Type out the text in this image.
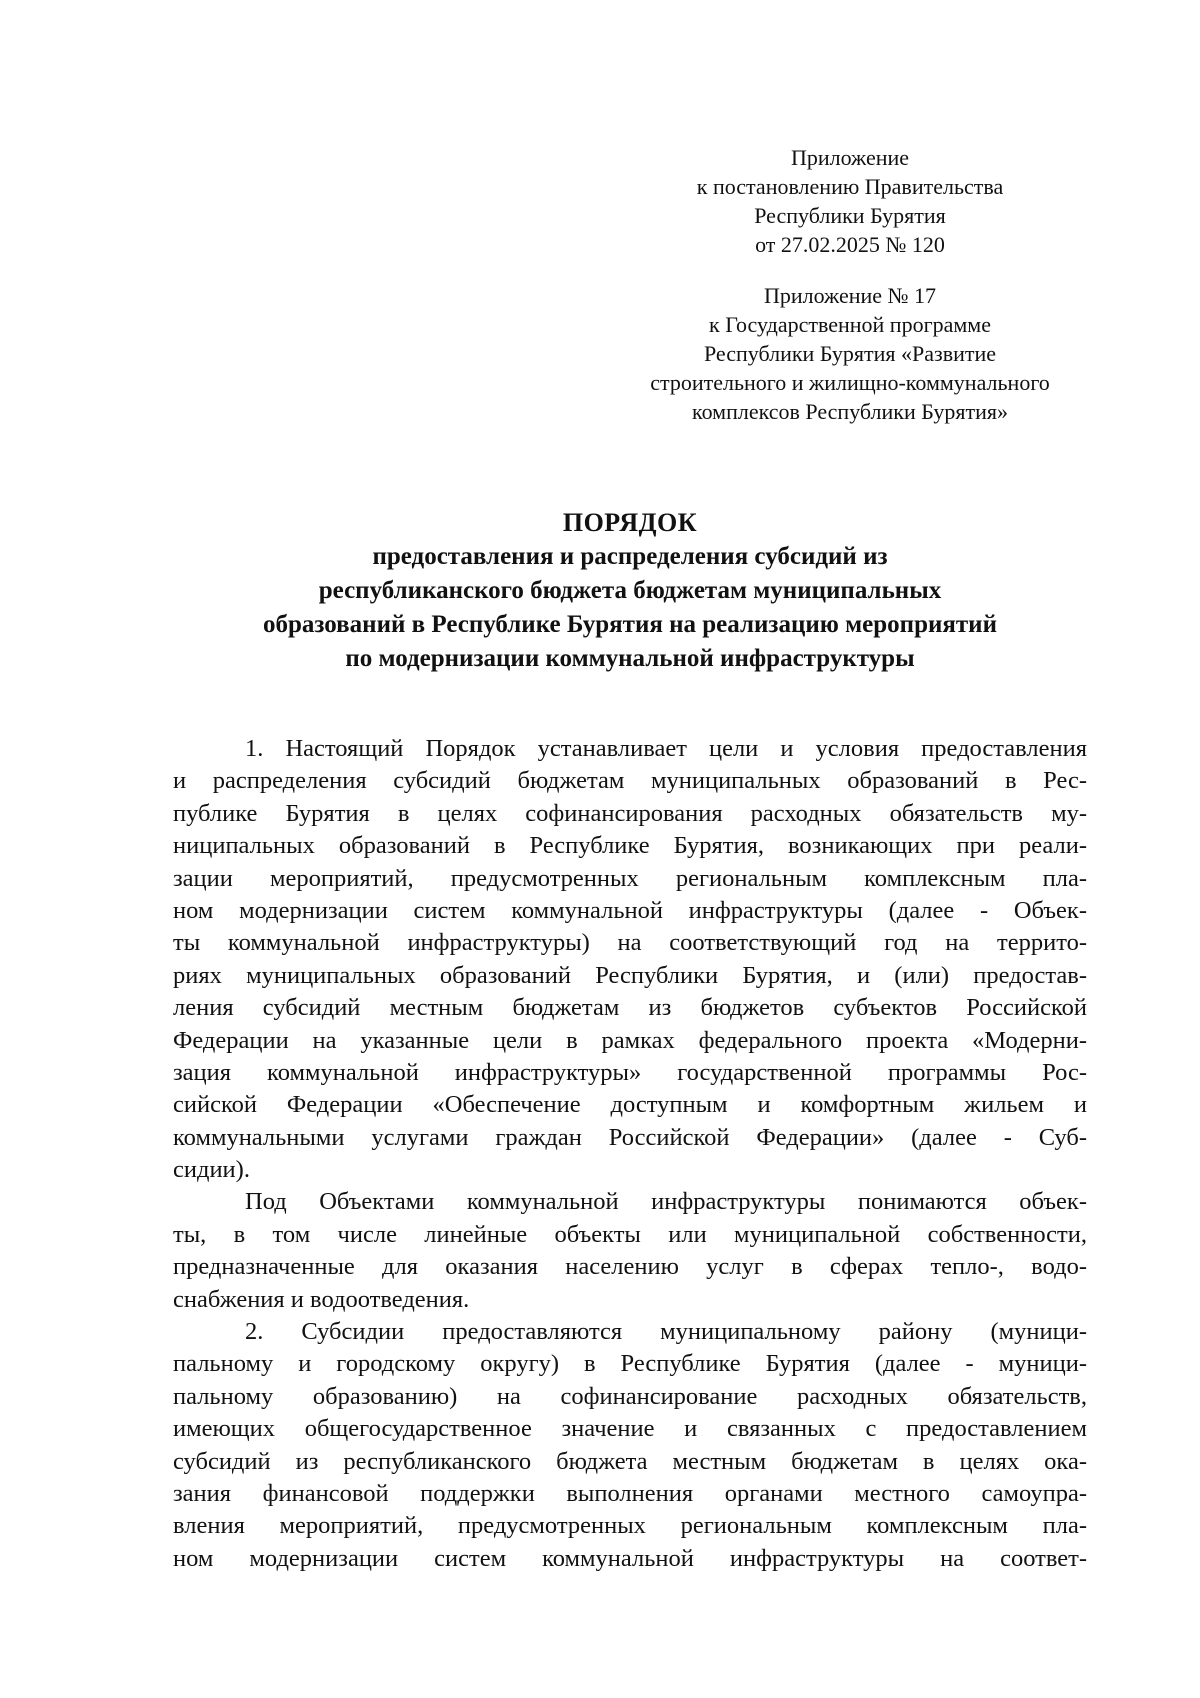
Приложение
к постановлению Правительства
Республики Бурятия
от 27.02.2025 № 120
Приложение № 17
к Государственной программе
Республики Бурятия «Развитие
строительного и жилищно-коммунального
комплексов Республики Бурятия»
ПОРЯДОК
предоставления и распределения субсидий из
республиканского бюджета бюджетам муниципальных
образований в Республике Бурятия на реализацию мероприятий
по модернизации коммунальной инфраструктуры
1. Настоящий Порядок устанавливает цели и условия предоставления
и распределения субсидий бюджетам муниципальных образований в Рес-
публике Бурятия в целях софинансирования расходных обязательств му-
ниципальных образований в Республике Бурятия, возникающих при реали-
зации мероприятий, предусмотренных региональным комплексным пла-
ном модернизации систем коммунальной инфраструктуры (далее - Объек-
ты коммунальной инфраструктуры) на соответствующий год на террито-
риях муниципальных образований Республики Бурятия, и (или) предостав-
ления субсидий местным бюджетам из бюджетов субъектов Российской
Федерации на указанные цели в рамках федерального проекта «Модерни-
зация коммунальной инфраструктуры» государственной программы Рос-
сийской Федерации «Обеспечение доступным и комфортным жильем и
коммунальными услугами граждан Российской Федерации» (далее - Суб-
сидии).
Под Объектами коммунальной инфраструктуры понимаются объек-
ты, в том числе линейные объекты или муниципальной собственности,
предназначенные для оказания населению услуг в сферах тепло-, водо-
снабжения и водоотведения.
2. Субсидии предоставляются муниципальному району (муници-
пальному и городскому округу) в Республике Бурятия (далее - муници-
пальному образованию) на софинансирование расходных обязательств,
имеющих общегосударственное значение и связанных с предоставлением
субсидий из республиканского бюджета местным бюджетам в целях ока-
зания финансовой поддержки выполнения органами местного самоупра-
вления мероприятий, предусмотренных региональным комплексным пла-
ном модернизации систем коммунальной инфраструктуры на соответ-
